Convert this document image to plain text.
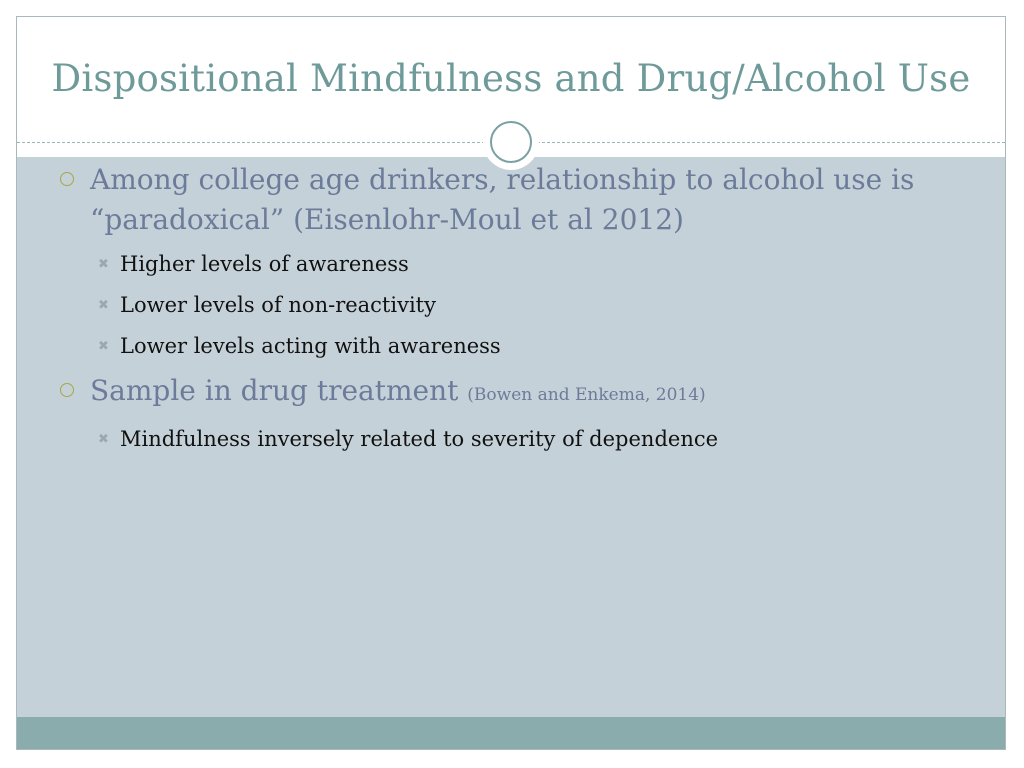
Dispositional Mindfulness and Drug/Alcohol Use
Among college age drinkers, relationship to alcohol use is “paradoxical” (Eisenlohr-Moul et al 2012)
✖ Higher levels of awareness
✖ Lower levels of non-reactivity
✖ Lower levels acting with awareness
Sample in drug treatment (Bowen and Enkema, 2014)
✖ Mindfulness inversely related to severity of dependence
